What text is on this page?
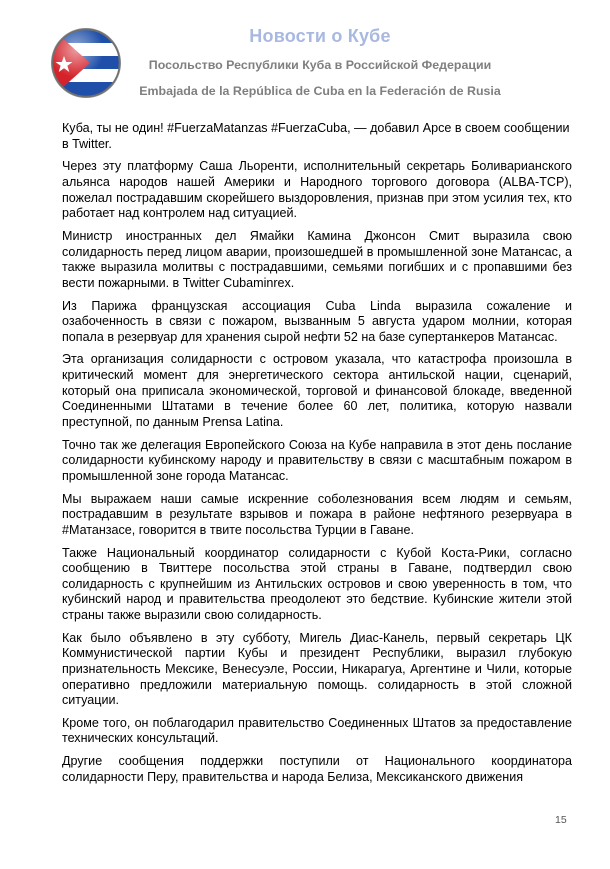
Новости о Кубе
Посольство Республики Куба в Российской Федерации
Embajada de la República de Cuba en la Federación de Rusia

Куба, ты не один! #FuerzaMatanzas #FuerzaCuba, — добавил Арсе в своем сообщении в Twitter.

Через эту платформу Саша Льоренти, исполнительный секретарь Боливарианского альянса народов нашей Америки и Народного торгового договора (ALBA-TCP), пожелал пострадавшим скорейшего выздоровления, признав при этом усилия тех, кто работает над контролем над ситуацией.

Министр иностранных дел Ямайки Камина Джонсон Смит выразила свою солидарность перед лицом аварии, произошедшей в промышленной зоне Матансас, а также выразила молитвы с пострадавшими, семьями погибших и с пропавшими без вести пожарными. в Twitter Cubaminrex.

Из Парижа французская ассоциация Cuba Linda выразила сожаление и озабоченность в связи с пожаром, вызванным 5 августа ударом молнии, которая попала в резервуар для хранения сырой нефти 52 на базе супертанкеров Матансас.

Эта организация солидарности с островом указала, что катастрофа произошла в критический момент для энергетического сектора антильской нации, сценарий, который она приписала экономической, торговой и финансовой блокаде, введенной Соединенными Штатами в течение более 60 лет, политика, которую назвали преступной, по данным Prensa Latina.

Точно так же делегация Европейского Союза на Кубе направила в этот день послание солидарности кубинскому народу и правительству в связи с масштабным пожаром в промышленной зоне города Матансас.

Мы выражаем наши самые искренние соболезнования всем людям и семьям, пострадавшим в результате взрывов и пожара в районе нефтяного резервуара в #Матанзасе, говорится в твите посольства Турции в Гаване.

Также Национальный координатор солидарности с Кубой Коста-Рики, согласно сообщению в Твиттере посольства этой страны в Гаване, подтвердил свою солидарность с крупнейшим из Антильских островов и свою уверенность в том, что кубинский народ и правительства преодолеют это бедствие. Кубинские жители этой страны также выразили свою солидарность.

Как было объявлено в эту субботу, Мигель Диас-Канель, первый секретарь ЦК Коммунистической партии Кубы и президент Республики, выразил глубокую признательность Мексике, Венесуэле, России, Никарагуа, Аргентине и Чили, которые оперативно предложили материальную помощь. солидарность в этой сложной ситуации.

Кроме того, он поблагодарил правительство Соединенных Штатов за предоставление технических консультаций.

Другие сообщения поддержки поступили от Национального координатора солидарности Перу, правительства и народа Белиза, Мексиканского движения

15
